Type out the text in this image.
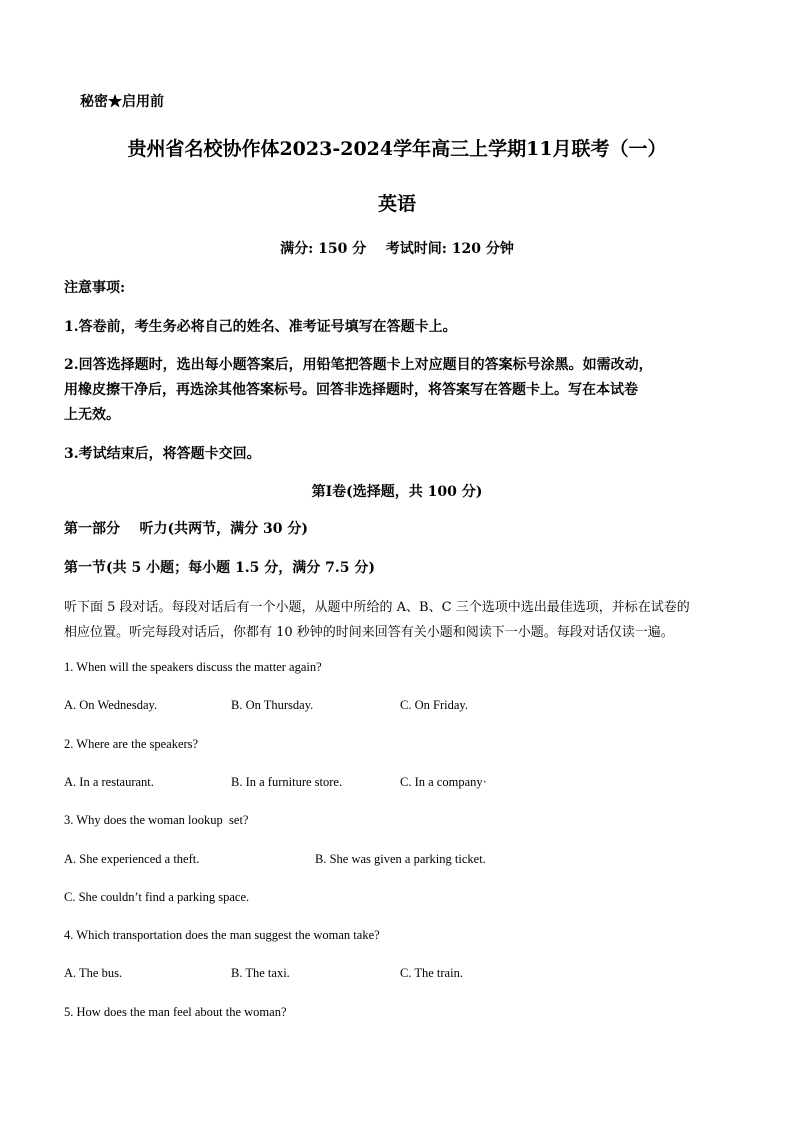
秘密★启用前
贵州省名校协作体2023-2024学年高三上学期11月联考（一）
英语
满分: 150 分    考试时间: 120 分钟
注意事项:
1.答卷前，考生务必将自己的姓名、准考证号填写在答题卡上。
2.回答选择题时，选出每小题答案后，用铅笔把答题卡上对应题目的答案标号涂黑。如需改动，
用橡皮擦干净后，再选涂其他答案标号。回答非选择题时，将答案写在答题卡上。写在本试卷
上无效。
3.考试结束后，将答题卡交回。
第Ⅰ卷(选择题，共 100 分)
第一部分    听力(共两节，满分 30 分)
第一节(共 5 小题；每小题 1.5 分，满分 7.5 分)
听下面 5 段对话。每段对话后有一个小题，从题中所给的 A、B、C 三个选项中选出最佳选项，并标在试卷的
相应位置。听完每段对话后，你都有 10 秒钟的时间来回答有关小题和阅读下一小题。每段对话仅读一遍。
1. When will the speakers discuss the matter again?
A. On Wednesday.	B. On Thursday.	C. On Friday.
2. Where are the speakers?
A. In a restaurant.	B. In a furniture store.	C. In a company·
3. Why does the woman lookup  set?
A. She experienced a theft.	B. She was given a parking ticket.
C. She couldn’t find a parking space.
4. Which transportation does the man suggest the woman take?
A. The bus.	B. The taxi.	C. The train.
5. How does the man feel about the woman?
